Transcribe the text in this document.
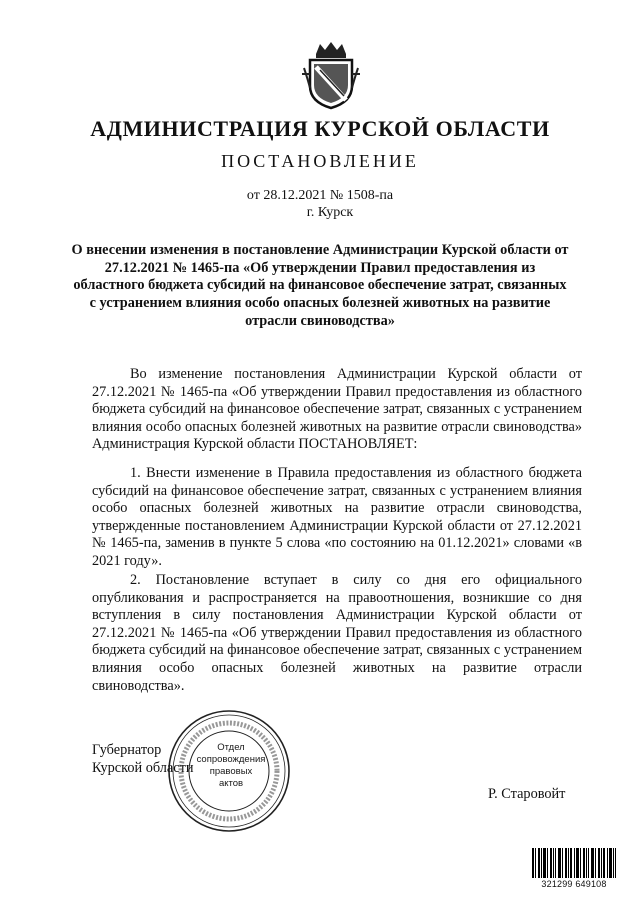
АДМИНИСТРАЦИЯ КУРСКОЙ ОБЛАСТИ
ПОСТАНОВЛЕНИЕ
от 28.12.2021 № 1508-па
г. Курск
О внесении изменения в постановление Администрации Курской области от 27.12.2021 № 1465-па «Об утверждении Правил предоставления из областного бюджета субсидий на финансовое обеспечение затрат, связанных с устранением влияния особо опасных болезней животных на развитие отрасли свиноводства»
Во изменение постановления Администрации Курской области от 27.12.2021 № 1465-па «Об утверждении Правил предоставления из областного бюджета субсидий на финансовое обеспечение затрат, связанных с устранением влияния особо опасных болезней животных на развитие отрасли свиноводства» Администрация Курской области ПОСТАНОВЛЯЕТ:
1. Внести изменение в Правила предоставления из областного бюджета субсидий на финансовое обеспечение затрат, связанных с устранением влияния особо опасных болезней животных на развитие отрасли свиноводства, утвержденные постановлением Администрации Курской области от 27.12.2021 № 1465-па, заменив в пункте 5 слова «по состоянию на 01.12.2021» словами «в 2021 году».
2. Постановление вступает в силу со дня его официального опубликования и распространяется на правоотношения, возникшие со дня вступления в силу постановления Администрации Курской области от 27.12.2021 № 1465-па «Об утверждении Правил предоставления из областного бюджета субсидий на финансовое обеспечение затрат, связанных с устранением влияния особо опасных болезней животных на развитие отрасли свиноводства».
Губернатор
Курской области
Отдел
сопровождения
правовых
актов
Р. Старовойт
321299 649108
